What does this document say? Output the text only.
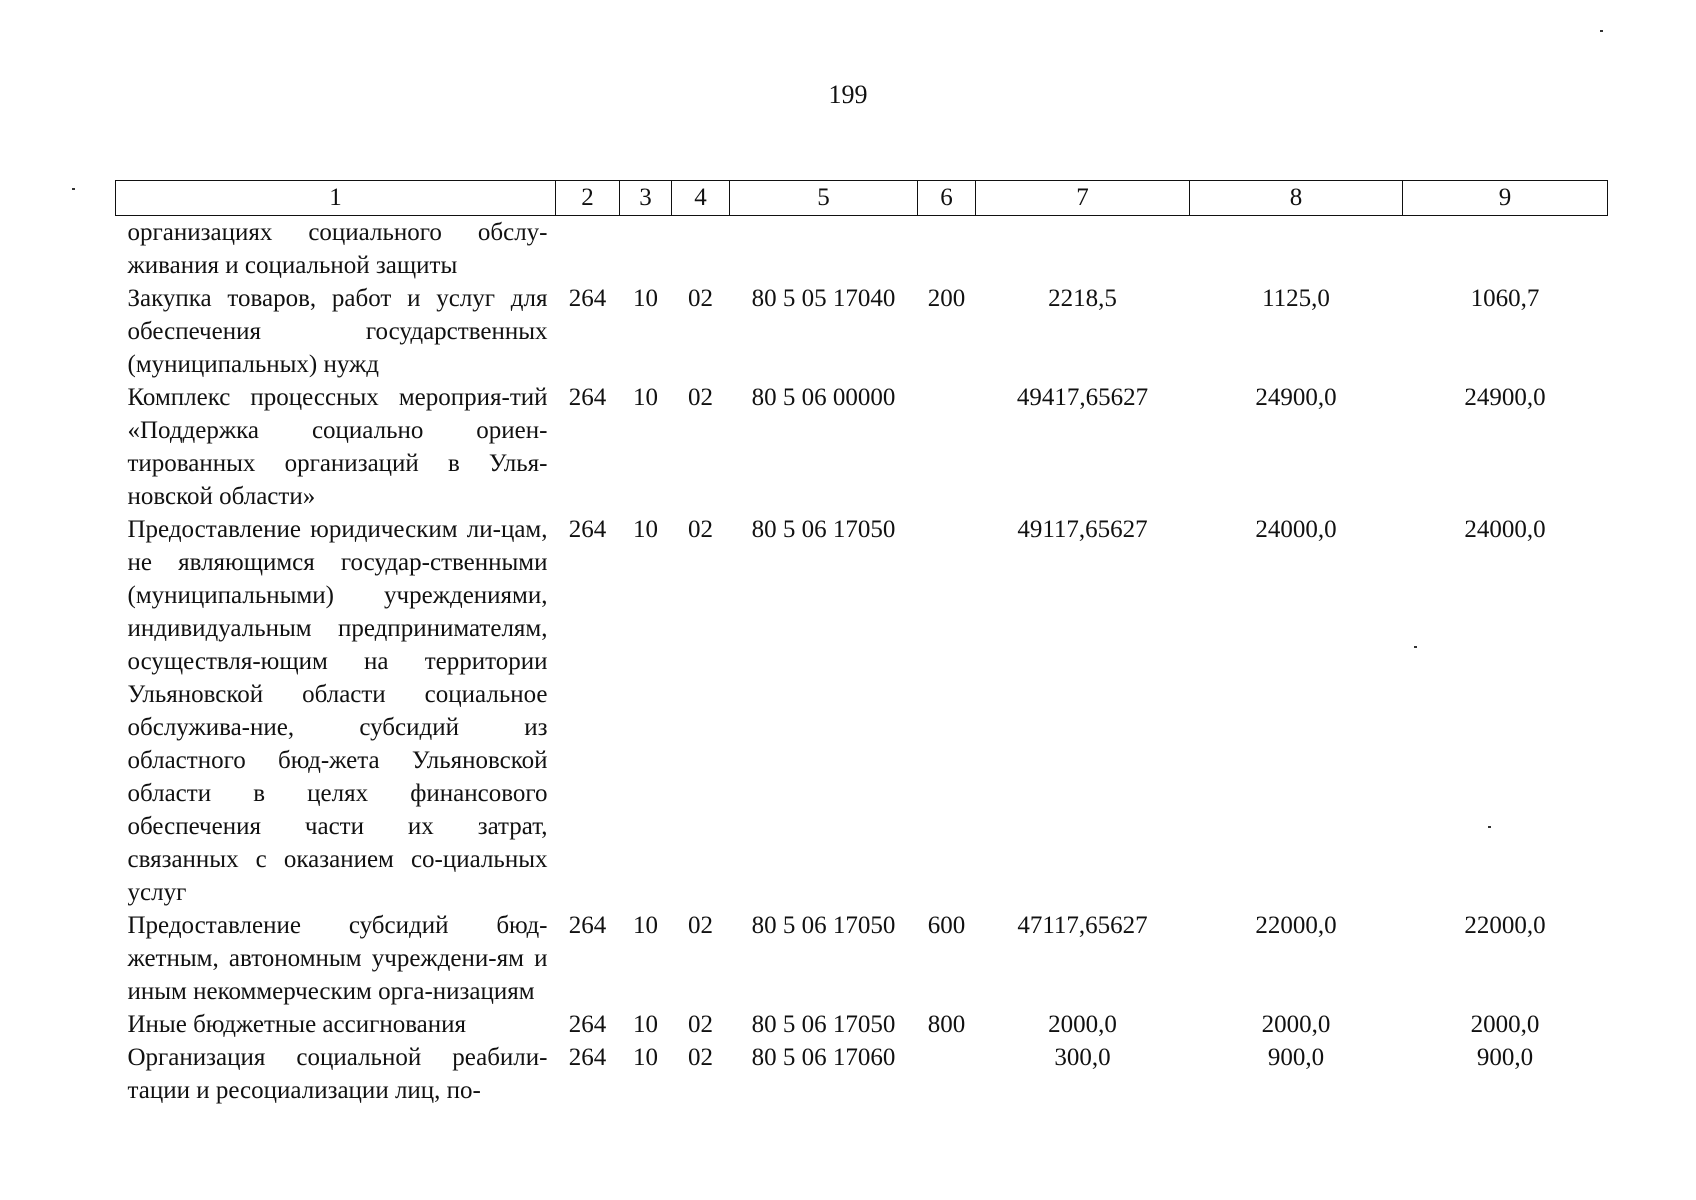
199
1	2	3	4	5	6	7	8	9
организациях социального обслу-живания и социальной защиты								
Закупка товаров, работ и услуг для обеспечения государственных (муниципальных) нужд	264	10	02	80 5 05 17040	200	2218,5	1125,0	1060,7
Комплекс процессных мероприя-тий «Поддержка социально ориен-тированных организаций в Улья-новской области»	264	10	02	80 5 06 00000		49417,65627	24900,0	24900,0
Предоставление юридическим ли-цам, не являющимся государ-ственными (муниципальными) учреждениями, индивидуальным предпринимателям, осуществля-ющим на территории Ульяновской области социальное обслужива-ние, субсидий из областного бюд-жета Ульяновской области в целях финансового обеспечения части их затрат, связанных с оказанием со-циальных услуг	264	10	02	80 5 06 17050		49117,65627	24000,0	24000,0
Предоставление субсидий бюд-жетным, автономным учреждени-ям и иным некоммерческим орга-низациям	264	10	02	80 5 06 17050	600	47117,65627	22000,0	22000,0
Иные бюджетные ассигнования	264	10	02	80 5 06 17050	800	2000,0	2000,0	2000,0
Организация социальной реабили-тации и ресоциализации лиц, по-	264	10	02	80 5 06 17060		300,0	900,0	900,0
